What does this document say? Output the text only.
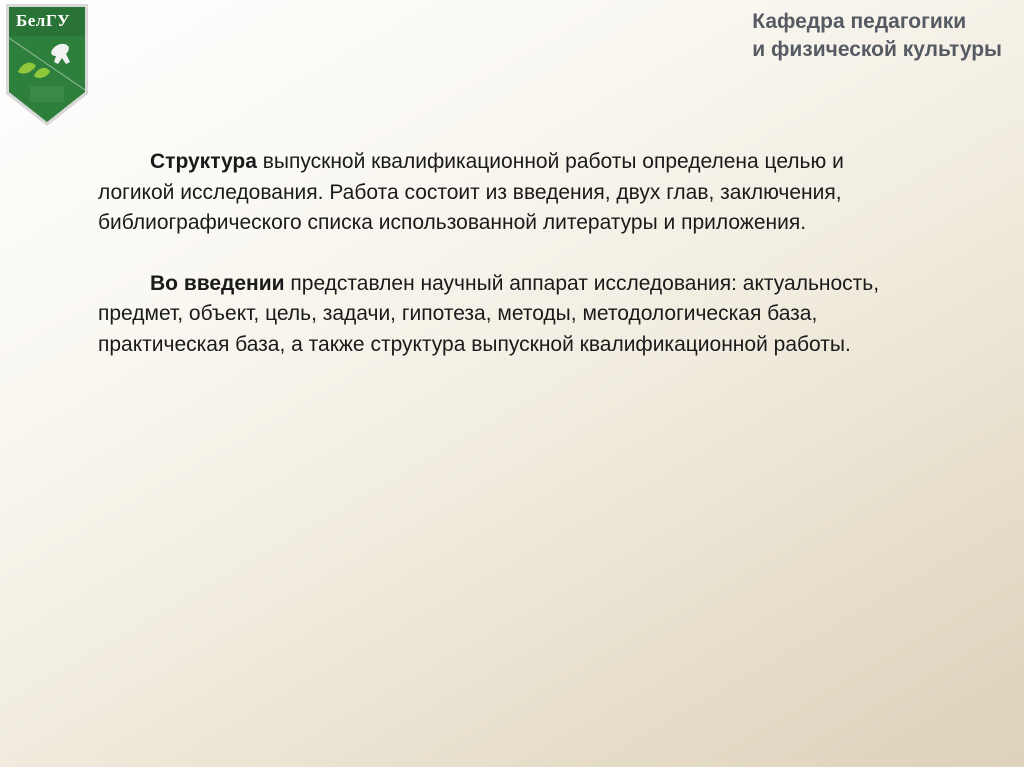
БелГУ	Кафедра педагогики
и физической культуры

Структура выпускной квалификационной работы определена целью и логикой исследования. Работа состоит из введения, двух глав, заключения, библиографического списка использованной литературы и приложения.

Во введении представлен научный аппарат исследования: актуальность, предмет, объект, цель, задачи, гипотеза, методы, методологическая база, практическая база, а также структура выпускной квалификационной работы.
